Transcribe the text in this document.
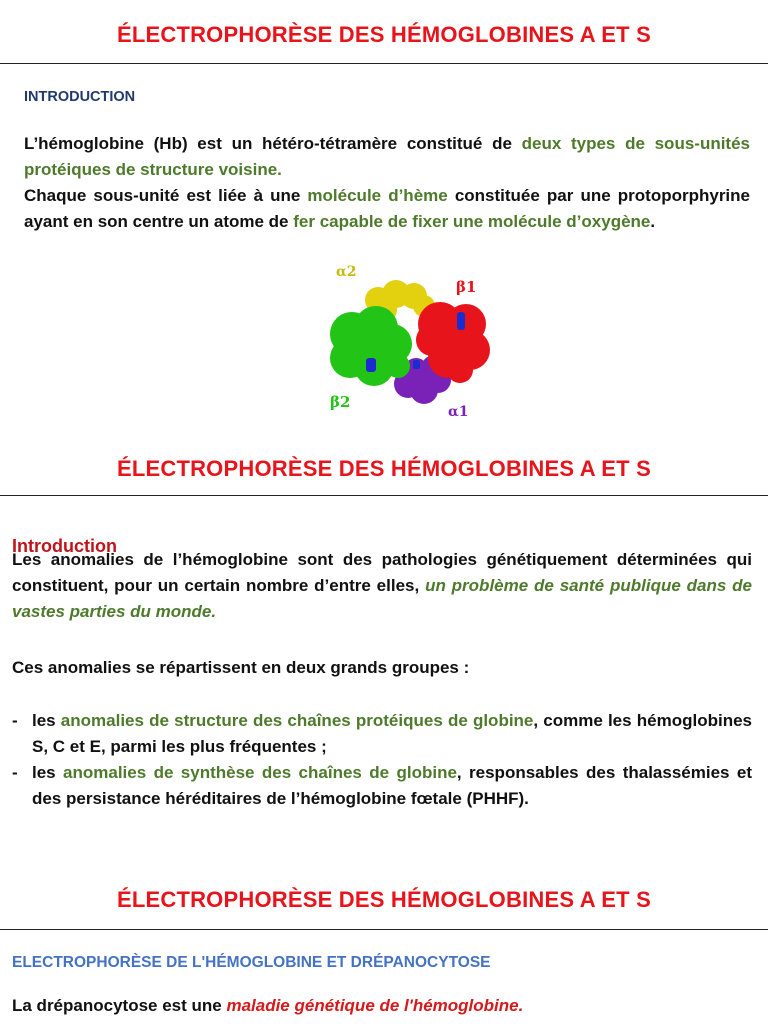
ÉLECTROPHORÈSE DES HÉMOGLOBINES A ET S
INTRODUCTION

L’hémoglobine (Hb) est un hétéro-tétramère constitué de deux types de sous-unités protéiques de structure voisine.
Chaque sous-unité est liée à une molécule d’hème constituée par une protoporphyrine ayant en son centre un atome de fer capable de fixer une molécule d’oxygène.

α2
β1
β2
α1
ÉLECTROPHORÈSE DES HÉMOGLOBINES A ET S
Introduction

Les anomalies de l’hémoglobine sont des pathologies génétiquement déterminées qui constituent, pour un certain nombre d’entre elles, un problème de santé publique dans de vastes parties du monde.

Ces anomalies se répartissent en deux grands groupes :

- les anomalies de structure des chaînes protéiques de globine, comme les hémoglobines S, C et E, parmi les plus fréquentes ;
- les anomalies de synthèse des chaînes de globine, responsables des thalassémies et des persistance héréditaires de l’hémoglobine fœtale (PHHF).
ÉLECTROPHORÈSE DES HÉMOGLOBINES A ET S
ELECTROPHORÈSE DE L'HÉMOGLOBINE ET DRÉPANOCYTOSE

La drépanocytose est une maladie génétique de l'hémoglobine.
